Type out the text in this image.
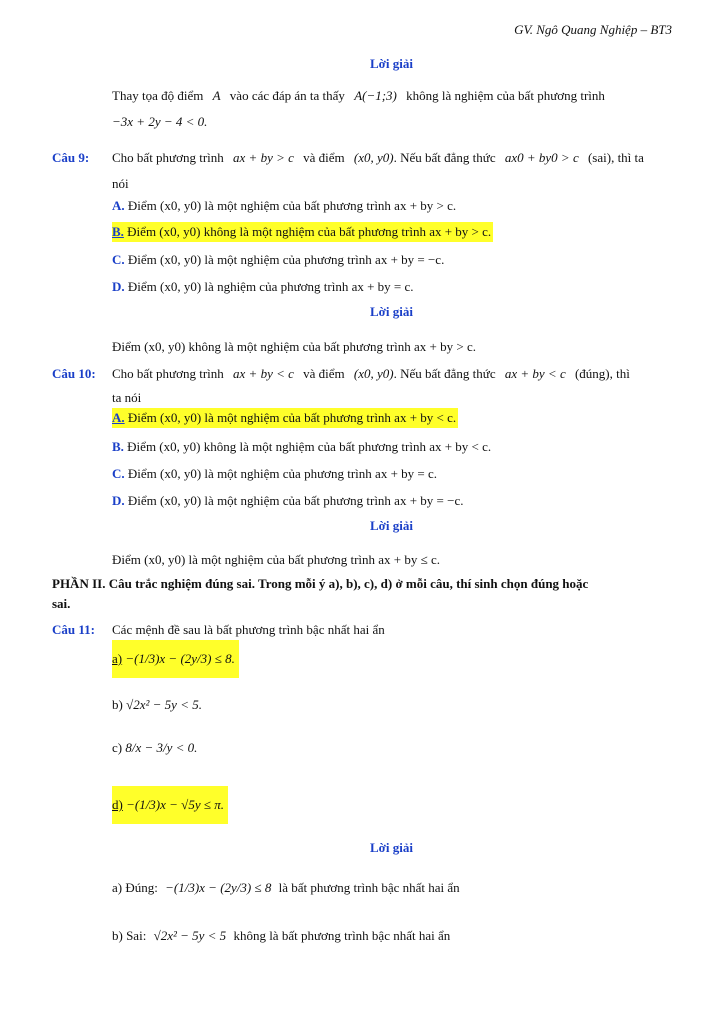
GV. Ngô Quang Nghiệp – BT3
Lời giải
Thay tọa độ điểm A vào các đáp án ta thấy A(−1;3) không là nghiệm của bất phương trình
−3x + 2y − 4 < 0.
Câu 9: Cho bất phương trình ax + by > c và điểm (x0, y0). Nếu bất đẳng thức ax0 + by0 > c (sai), thì ta
nói
A. Điểm (x0, y0) là một nghiệm của bất phương trình ax + by > c.
B. Điểm (x0, y0) không là một nghiệm của bất phương trình ax + by > c.
C. Điểm (x0, y0) là một nghiệm của phương trình ax + by = −c.
D. Điểm (x0, y0) là nghiệm của phương trình ax + by = c.
Lời giải
Điểm (x0, y0) không là một nghiệm của bất phương trình ax + by > c.
Câu 10: Cho bất phương trình ax + by < c và điểm (x0, y0). Nếu bất đẳng thức ax + by < c (đúng), thì
ta nói
A. Điểm (x0, y0) là một nghiệm của bất phương trình ax + by < c.
B. Điểm (x0, y0) không là một nghiệm của bất phương trình ax + by < c.
C. Điểm (x0, y0) là một nghiệm của phương trình ax + by = c.
D. Điểm (x0, y0) là một nghiệm của bất phương trình ax + by = −c.
Lời giải
Điểm (x0, y0) là một nghiệm của bất phương trình ax + by ≤ c.
PHẦN II. Câu trắc nghiệm đúng sai. Trong mỗi ý a), b), c), d) ở mỗi câu, thí sinh chọn đúng hoặc
sai.
Câu 11: Các mệnh đề sau là bất phương trình bậc nhất hai ẩn
a) −(1/3)x − (2y/3) ≤ 8.
b) √2x² − 5y < 5.
c) 8/x − 3/y < 0.
d) −(1/3)x − √5y ≤ π.
Lời giải
a) Đúng: −(1/3)x − (2y/3) ≤ 8 là bất phương trình bậc nhất hai ẩn
b) Sai: √2x² − 5y < 5 không là bất phương trình bậc nhất hai ẩn
